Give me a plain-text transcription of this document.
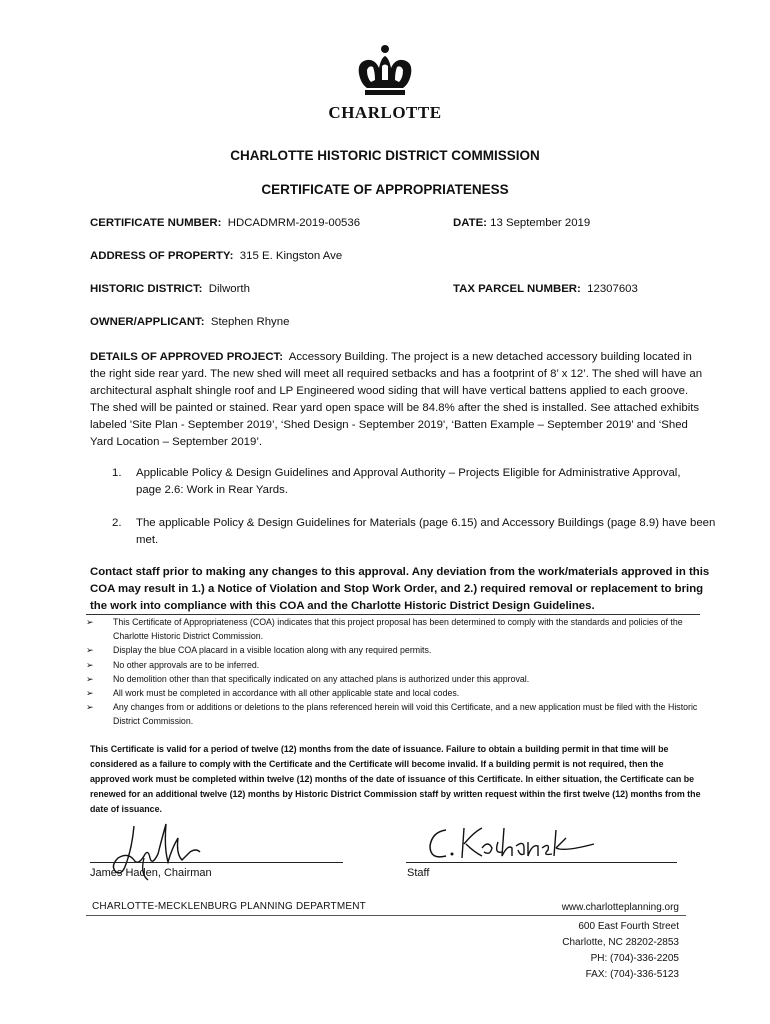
CHARLOTTE
CHARLOTTE HISTORIC DISTRICT COMMISSION
CERTIFICATE OF APPROPRIATENESS
CERTIFICATE NUMBER: HDCADMRM-2019-00536	DATE: 13 September 2019
ADDRESS OF PROPERTY: 315 E. Kingston Ave
HISTORIC DISTRICT: Dilworth	TAX PARCEL NUMBER: 12307603
OWNER/APPLICANT: Stephen Rhyne
DETAILS OF APPROVED PROJECT: Accessory Building. The project is a new detached accessory building located in the right side rear yard. The new shed will meet all required setbacks and has a footprint of 8’ x 12’. The shed will have an architectural asphalt shingle roof and LP Engineered wood siding that will have vertical battens applied to each groove. The shed will be painted or stained. Rear yard open space will be 84.8% after the shed is installed. See attached exhibits labeled 'Site Plan - September 2019’, ‘Shed Design - September 2019', ‘Batten Example – September 2019’ and ‘Shed Yard Location – September 2019’.
1. Applicable Policy & Design Guidelines and Approval Authority – Projects Eligible for Administrative Approval, page 2.6: Work in Rear Yards.
2. The applicable Policy & Design Guidelines for Materials (page 6.15) and Accessory Buildings (page 8.9) have been met.
Contact staff prior to making any changes to this approval. Any deviation from the work/materials approved in this COA may result in 1.) a Notice of Violation and Stop Work Order, and 2.) required removal or replacement to bring the work into compliance with this COA and the Charlotte Historic District Design Guidelines.
➢ This Certificate of Appropriateness (COA) indicates that this project proposal has been determined to comply with the standards and policies of the Charlotte Historic District Commission.
➢ Display the blue COA placard in a visible location along with any required permits.
➢ No other approvals are to be inferred.
➢ No demolition other than that specifically indicated on any attached plans is authorized under this approval.
➢ All work must be completed in accordance with all other applicable state and local codes.
➢ Any changes from or additions or deletions to the plans referenced herein will void this Certificate, and a new application must be filed with the Historic District Commission.
This Certificate is valid for a period of twelve (12) months from the date of issuance. Failure to obtain a building permit in that time will be considered as a failure to comply with the Certificate and the Certificate will become invalid. If a building permit is not required, then the approved work must be completed within twelve (12) months of the date of issuance of this Certificate. In either situation, the Certificate can be renewed for an additional twelve (12) months by Historic District Commission staff by written request within the first twelve (12) months from the date of issuance.
James Haden, Chairman	Staff
CHARLOTTE-MECKLENBURG PLANNING DEPARTMENT	www.charlotteplanning.org
600 East Fourth Street
Charlotte, NC 28202-2853
PH: (704)-336-2205
FAX: (704)-336-5123
